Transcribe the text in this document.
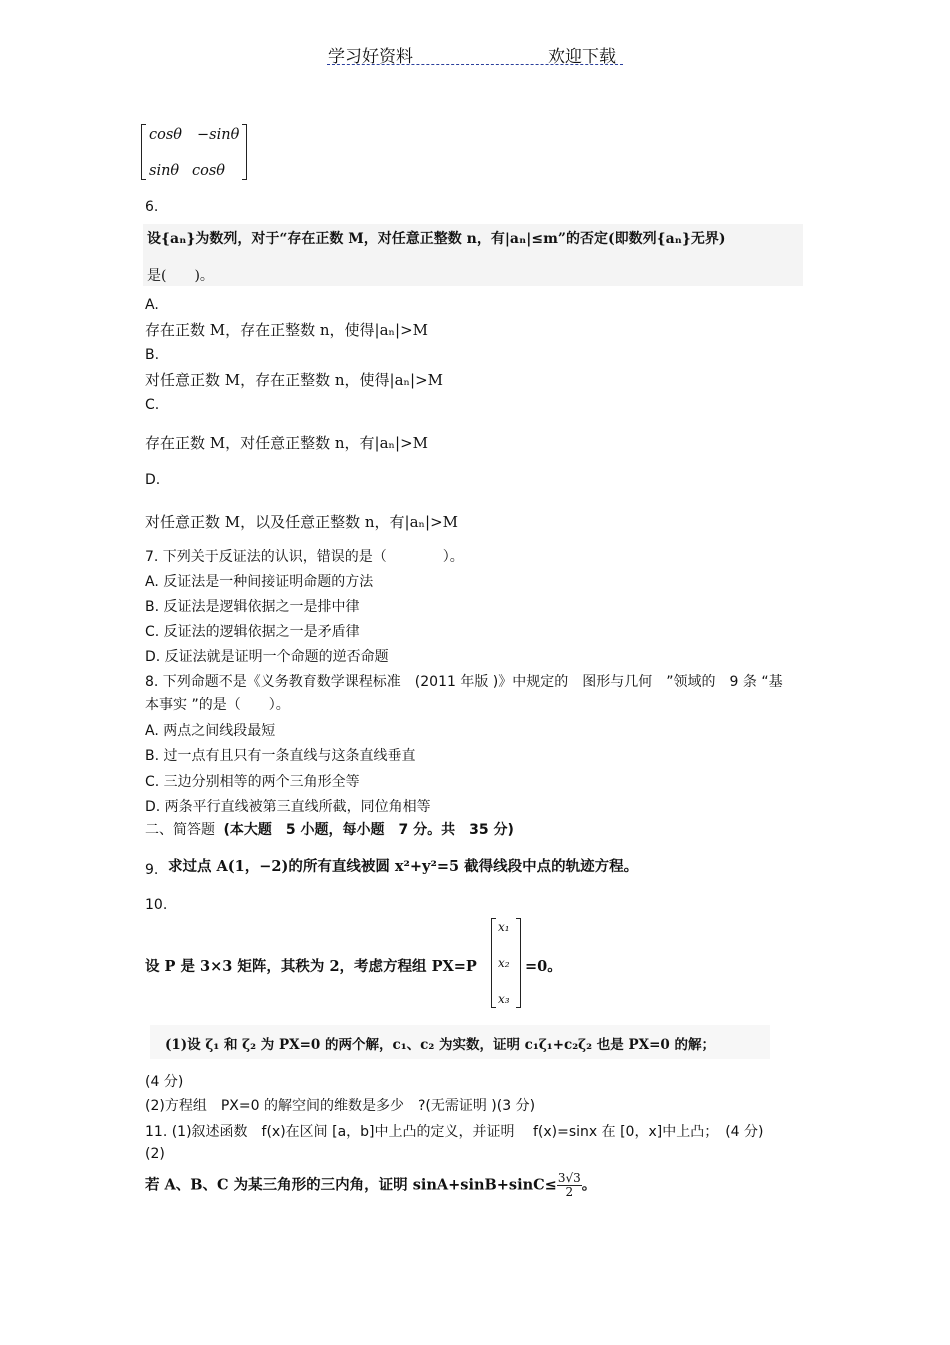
学习好资料	欢迎下载
cosθ −sinθ
sinθ cosθ
6.
设{aₙ}为数列，对于“存在正数 M，对任意正整数 n，有|aₙ|≤m”的否定(即数列{aₙ}无界)
是(　　)。
A.
存在正数 M，存在正整数 n，使得|aₙ|>M
B.
对任意正数 M，存在正整数 n，使得|aₙ|>M
C.
存在正数 M，对任意正整数 n，有|aₙ|>M
D.
对任意正数 M，以及任意正整数 n，有|aₙ|>M
7. 下列关于反证法的认识，错误的是（　　　　）。
A. 反证法是一种间接证明命题的方法
B. 反证法是逻辑依据之一是排中律
C. 反证法的逻辑依据之一是矛盾律
D. 反证法就是证明一个命题的逆否命题
8. 下列命题不是《义务教育数学课程标准　(2011 年版 )》中规定的　图形与几何　”领域的　9 条 “基
本事实 ”的是（　　）。
A. 两点之间线段最短
B. 过一点有且只有一条直线与这条直线垂直
C. 三边分别相等的两个三角形全等
D. 两条平行直线被第三直线所截，同位角相等
二、简答题 (本大题　5 小题，每小题　7 分。共　35 分)
9. 求过点 A(1，−2)的所有直线被圆 x²+y²=5 截得线段中点的轨迹方程。
10.
设 P 是 3×3 矩阵，其秩为 2，考虑方程组 PX=P
x₁
x₂
x₃
=0。
(1)设 ζ₁ 和 ζ₂ 为 PX=0 的两个解，c₁、c₂ 为实数，证明 c₁ζ₁+c₂ζ₂ 也是 PX=0 的解；
(4 分)
(2)方程组　PX=0 的解空间的维数是多少　?(无需证明 )(3 分)
11. (1)叙述函数　f(x)在区间 [a，b]中上凸的定义，并证明　 f(x)=sinx 在 [0，x]中上凸；　(4 分)
(2)
若 A、B、C 为某三角形的三内角，证明 $\sin A+\sin B+\sin C\le \frac{3√3}{2}$ 。
